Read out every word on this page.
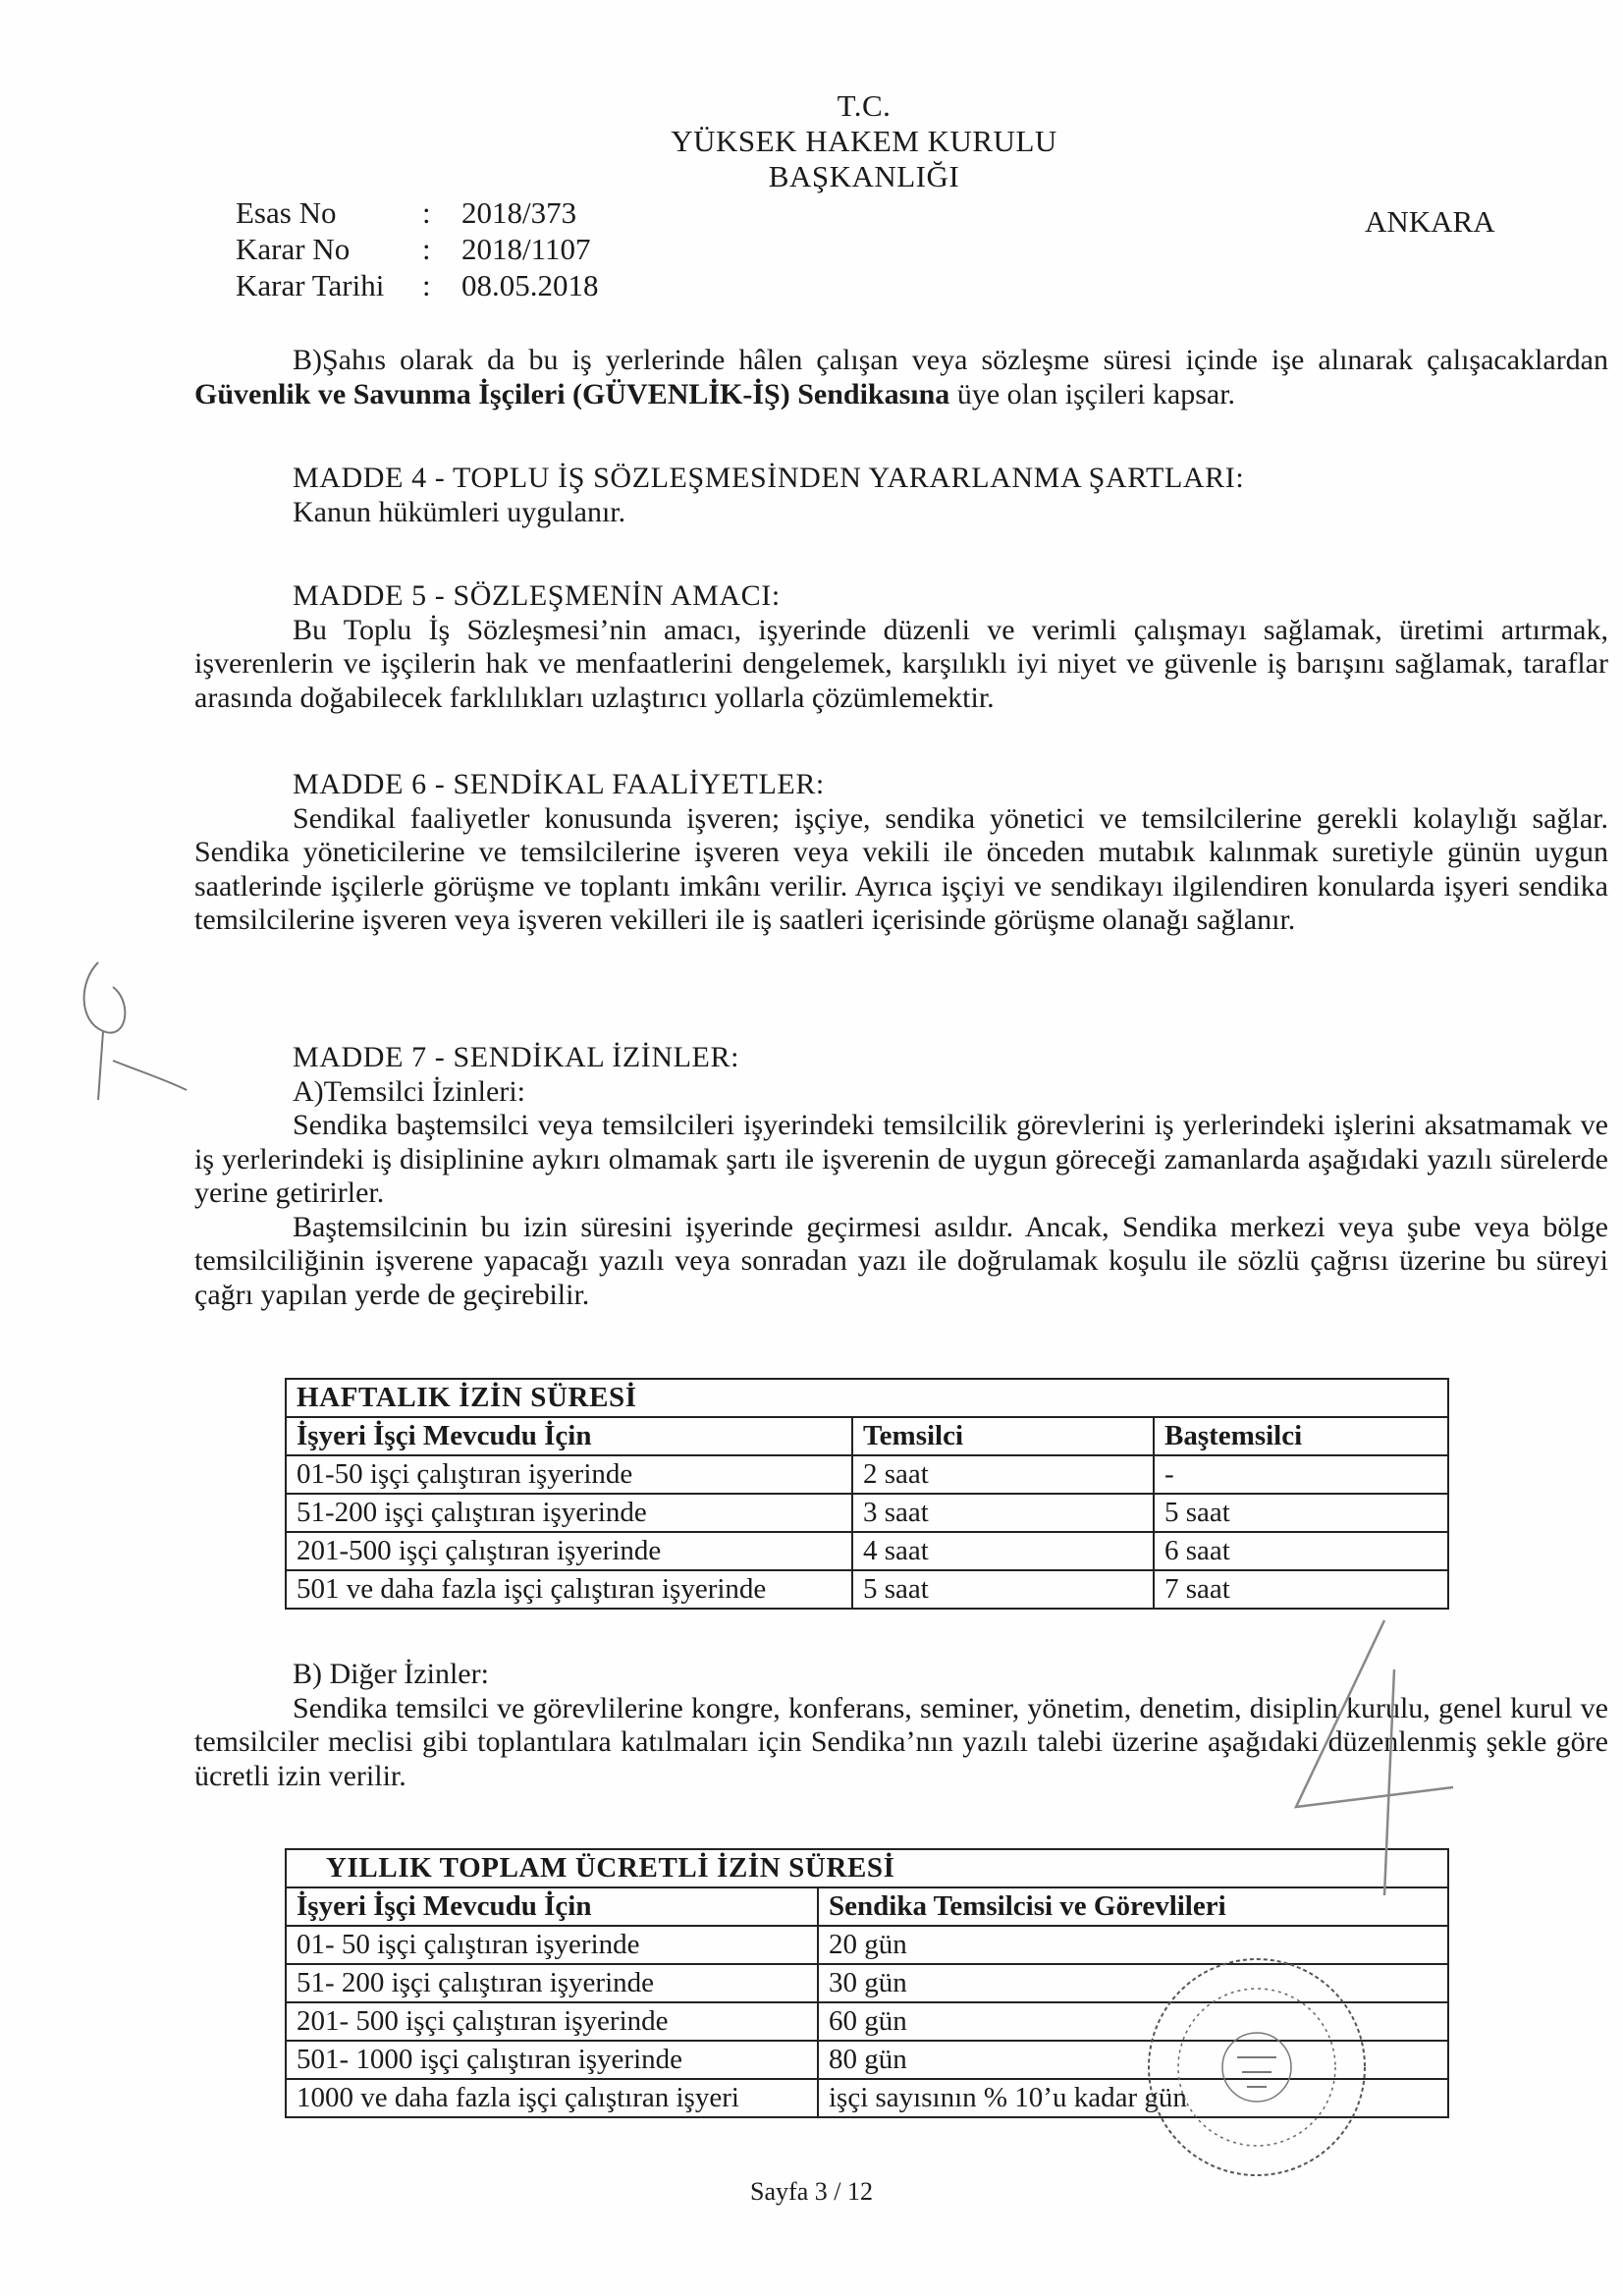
T.C.
YÜKSEK HAKEM KURULU
BAŞKANLIĞI
ANKARA
Esas No	: 2018/373
Karar No : 2018/1107
Karar Tarihi : 08.05.2018

B)Şahıs olarak da bu iş yerlerinde hâlen çalışan veya sözleşme süresi içinde işe alınarak çalışacaklardan Güvenlik ve Savunma İşçileri (GÜVENLİK-İŞ) Sendikasına üye olan işçileri kapsar.

MADDE 4 - TOPLU İŞ SÖZLEŞMESİNDEN YARARLANMA ŞARTLARI:

Kanun hükümleri uygulanır.

MADDE 5 - SÖZLEŞMENİN AMACI:

Bu Toplu İş Sözleşmesi’nin amacı, işyerinde düzenli ve verimli çalışmayı sağlamak, üretimi artırmak, işverenlerin ve işçilerin hak ve menfaatlerini dengelemek, karşılıklı iyi niyet ve güvenle iş barışını sağlamak, taraflar arasında doğabilecek farklılıkları uzlaştırıcı yollarla çözümlemektir.

MADDE 6 - SENDİKAL FAALİYETLER:

Sendikal faaliyetler konusunda işveren; işçiye, sendika yönetici ve temsilcilerine gerekli kolaylığı sağlar. Sendika yöneticilerine ve temsilcilerine işveren veya vekili ile önceden mutabık kalınmak suretiyle günün uygun saatlerinde işçilerle görüşme ve toplantı imkânı verilir. Ayrıca işçiyi ve sendikayı ilgilendiren konularda işyeri sendika temsilcilerine işveren veya işveren vekilleri ile iş saatleri içerisinde görüşme olanağı sağlanır.

MADDE 7 - SENDİKAL İZİNLER:

A)Temsilci İzinleri:

Sendika baştemsilci veya temsilcileri işyerindeki temsilcilik görevlerini iş yerlerindeki işlerini aksatmamak ve iş yerlerindeki iş disiplinine aykırı olmamak şartı ile işverenin de uygun göreceği zamanlarda aşağıdaki yazılı sürelerde yerine getirirler.

Baştemsilcinin bu izin süresini işyerinde geçirmesi asıldır. Ancak, Sendika merkezi veya şube veya bölge temsilciliğinin işverene yapacağı yazılı veya sonradan yazı ile doğrulamak koşulu ile sözlü çağrısı üzerine bu süreyi çağrı yapılan yerde de geçirebilir.

HAFTALIK İZİN SÜRESİ		
İşyeri İşçi Mevcudu İçin	Temsilci	Baştemsilci
01-50 işçi çalıştıran işyerinde	2 saat	-
51-200 işçi çalıştıran işyerinde	3 saat	5 saat
201-500 işçi çalıştıran işyerinde	4 saat	6 saat
501 ve daha fazla işçi çalıştıran işyerinde	5 saat	7 saat

B) Diğer İzinler:

Sendika temsilci ve görevlilerine kongre, konferans, seminer, yönetim, denetim, disiplin kurulu, genel kurul ve temsilciler meclisi gibi toplantılara katılmaları için Sendika’nın yazılı talebi üzerine aşağıdaki düzenlenmiş şekle göre ücretli izin verilir.

YILLIK TOPLAM ÜCRETLİ İZİN SÜRESİ	
İşyeri İşçi Mevcudu İçin	Sendika Temsilcisi ve Görevlileri
01- 50 işçi çalıştıran işyerinde	20 gün
51- 200 işçi çalıştıran işyerinde	30 gün
201- 500 işçi çalıştıran işyerinde	60 gün
501- 1000 işçi çalıştıran işyerinde	80 gün
1000 ve daha fazla işçi çalıştıran işyeri	işçi sayısının % 10’u kadar gün
Sayfa 3 / 12
